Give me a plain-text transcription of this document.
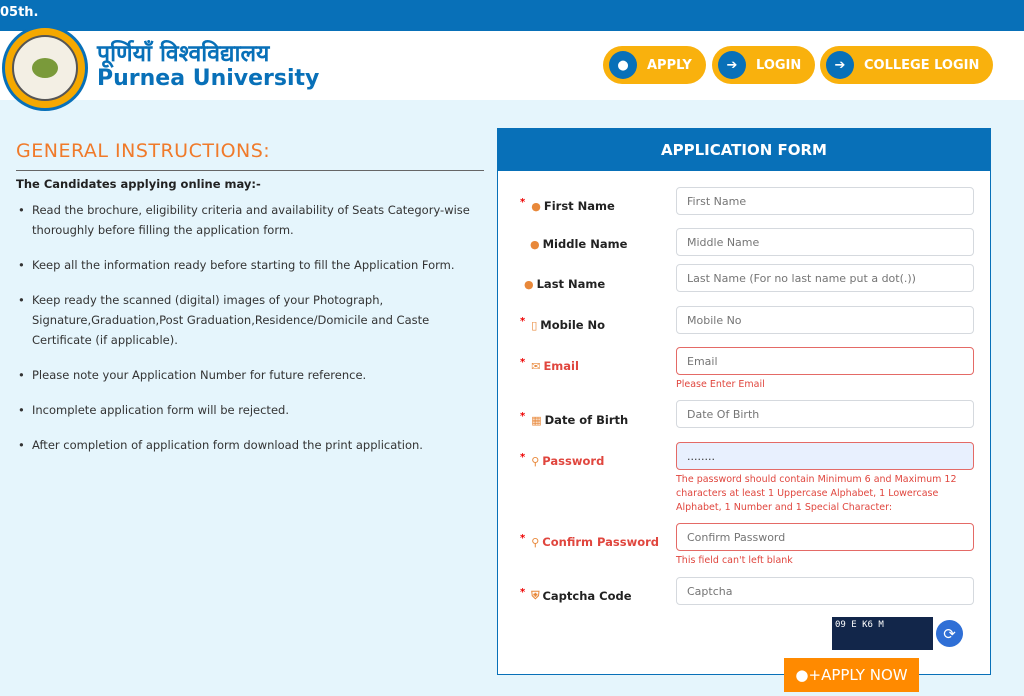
05th.
पूर्णियाँ विश्वविद्यालय
Purnea University
●	APPLY	➔	LOGIN	➔	COLLEGE LOGIN
GENERAL INSTRUCTIONS:
The Candidates applying online may:-
• Read the brochure, eligibility criteria and availability of Seats Category-wise thoroughly before filling the application form.
• Keep all the information ready before starting to fill the Application Form.
• Keep ready the scanned (digital) images of your Photograph, Signature,Graduation,Post Graduation,Residence/Domicile and Caste Certificate (if applicable).
• Please note your Application Number for future reference.
• Incomplete application form will be rejected.
• After completion of application form download the print application.
APPLICATION FORM
* ● First Name
First Name
● Middle Name
Middle Name
● Last Name
Last Name (For no last name put a dot(.))
* ▯ Mobile No
Mobile No
* ✉ Email
Email
Please Enter Email
* ▦ Date of Birth
Date Of Birth
* ⚲ Password
........
The password should contain Minimum 6 and Maximum 12 characters at least 1 Uppercase Alphabet, 1 Lowercase Alphabet, 1 Number and 1 Special Character:
* ⚲ Confirm Password
Confirm Password
This field can't left blank
* ⛨ Captcha Code
Captcha
09 E K6 M	⟳
●+ APPLY NOW
